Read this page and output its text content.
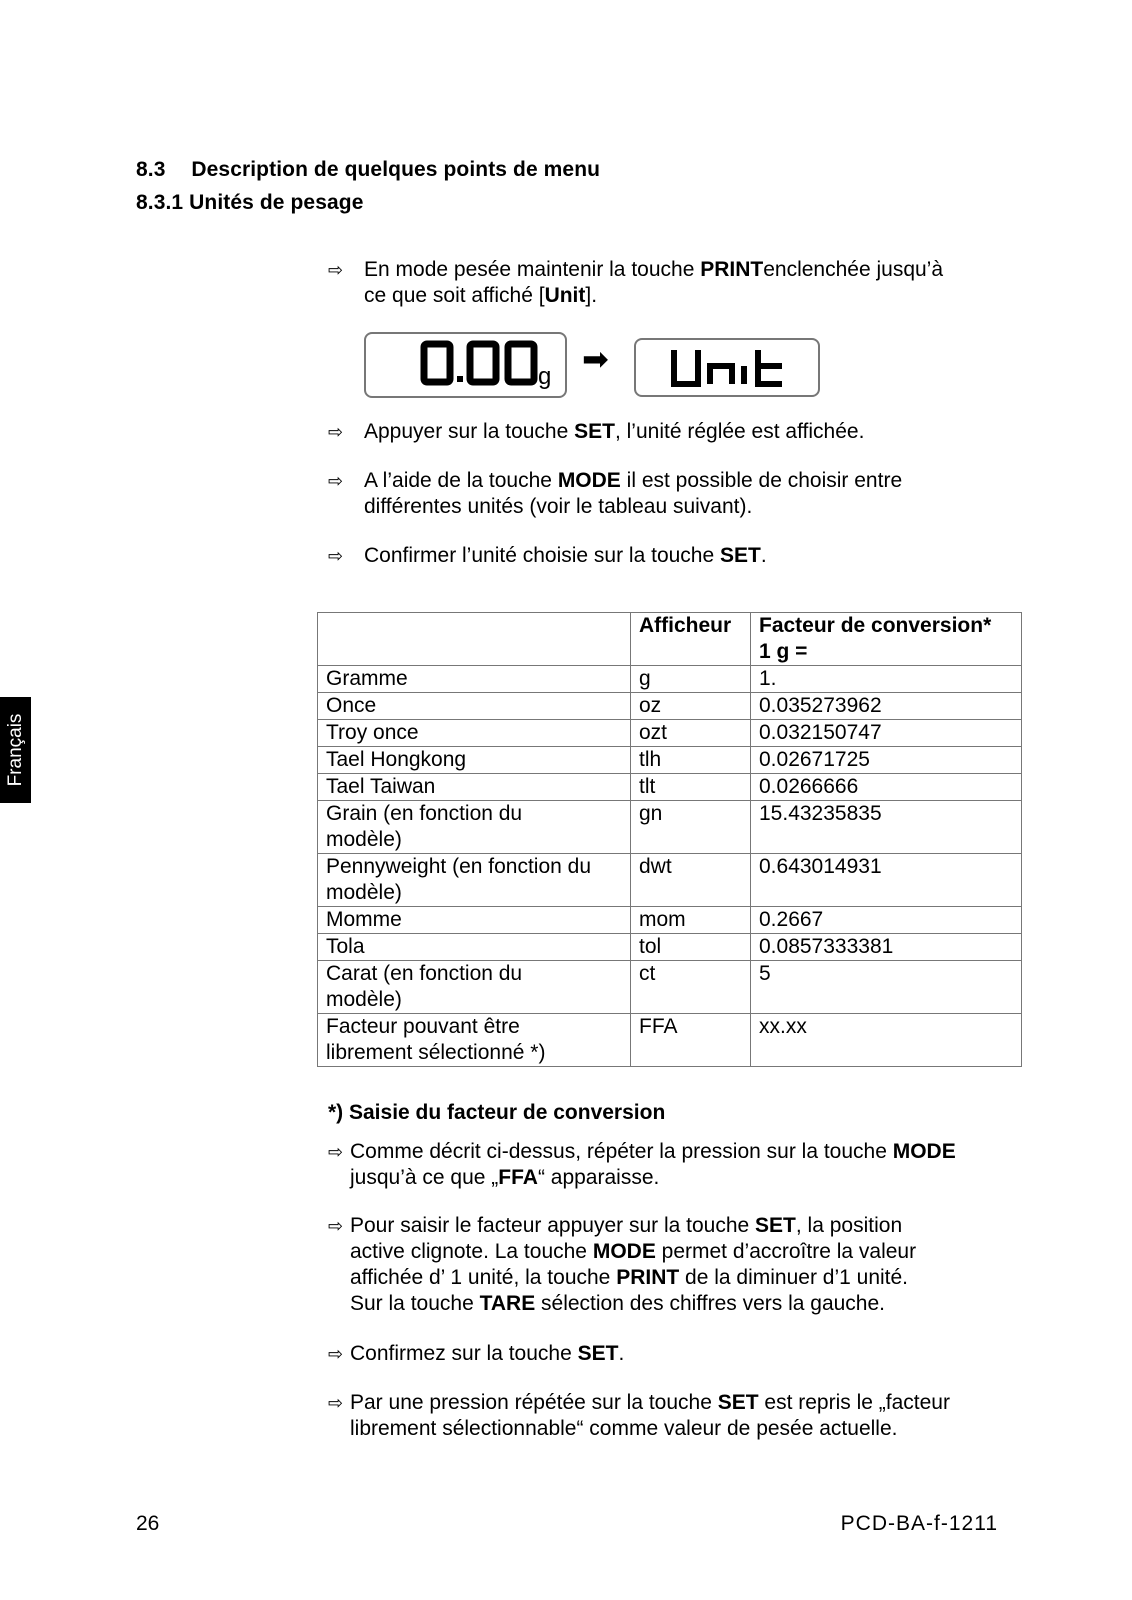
8.3 Description de quelques points de menu
8.3.1 Unités de pesage
Français
⇨ En mode pesée maintenir la touche PRINTenclenchée jusqu’à
ce que soit affiché [Unit].
g ➡
⇨ Appuyer sur la touche SET, l’unité réglée est affichée.
⇨ A l’aide de la touche MODE il est possible de choisir entre
différentes unités (voir le tableau suivant).
⇨ Confirmer l’unité choisie sur la touche SET.
	Afficheur	Facteur de conversion*
1 g =
Gramme	g	1.
Once	oz	0.035273962
Troy once	ozt	0.032150747
Tael Hongkong	tlh	0.02671725
Tael Taiwan	tlt	0.0266666
Grain (en fonction du
modèle)	gn	15.43235835
Pennyweight (en fonction du
modèle)	dwt	0.643014931
Momme	mom	0.2667
Tola	tol	0.0857333381
Carat (en fonction du
modèle)	ct	5
Facteur pouvant être
librement sélectionné *)	FFA	xx.xx
*) Saisie du facteur de conversion
⇨ Comme décrit ci-dessus, répéter la pression sur la touche MODE
jusqu’à ce que „FFA“ apparaisse.
⇨ Pour saisir le facteur appuyer sur la touche SET, la position
active clignote. La touche MODE permet d’accroître la valeur
affichée d’ 1 unité, la touche PRINT de la diminuer d’1 unité.
Sur la touche TARE sélection des chiffres vers la gauche.
⇨ Confirmez sur la touche SET.
⇨ Par une pression répétée sur la touche SET est repris le „facteur
librement sélectionnable“ comme valeur de pesée actuelle.
26	PCD-BA-f-1211
